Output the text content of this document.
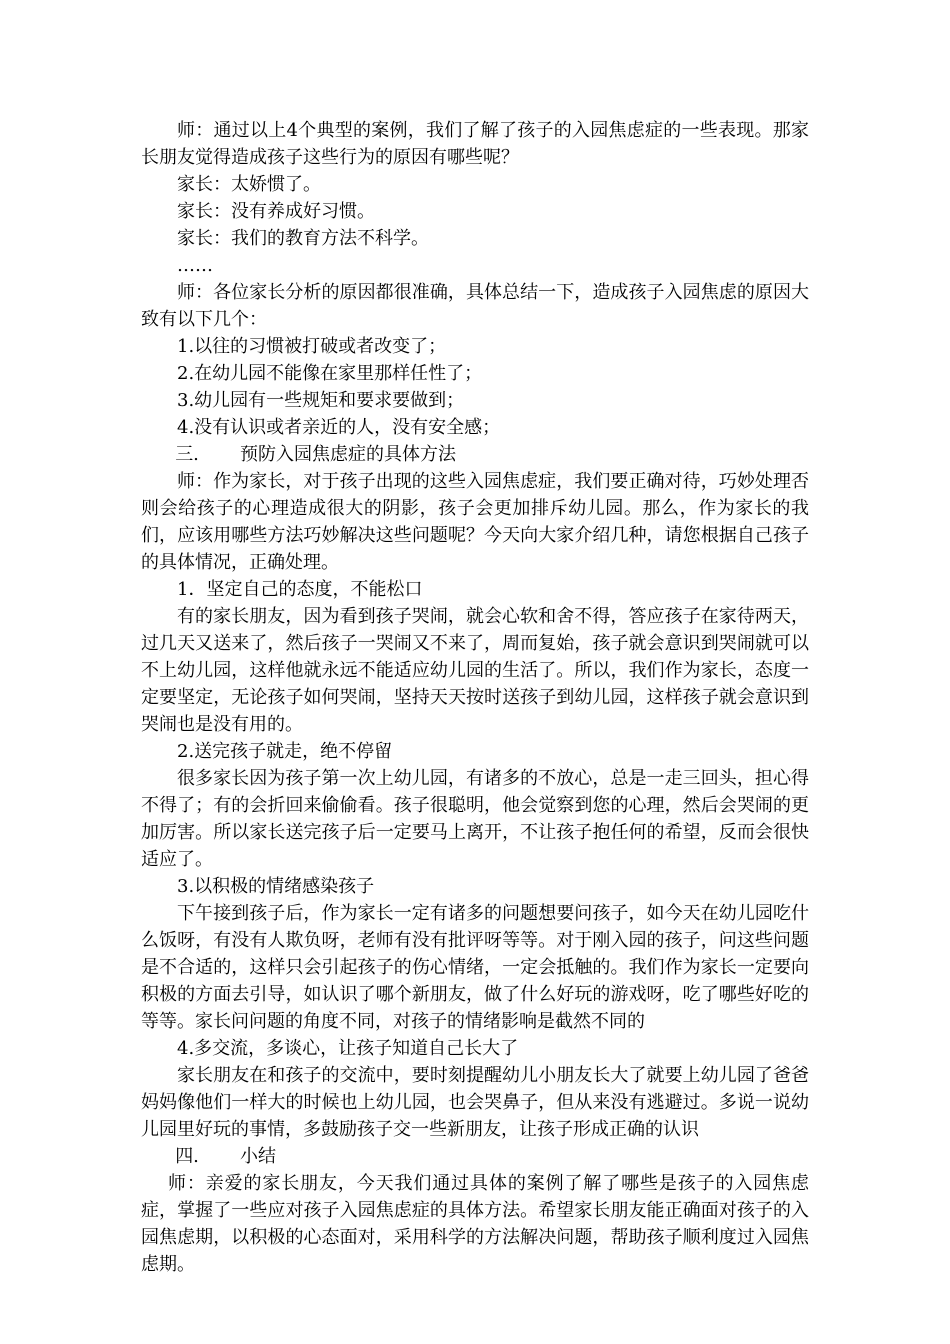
师：通过以上4个典型的案例，我们了解了孩子的入园焦虑症的一些表现。那家长朋友觉得造成孩子这些行为的原因有哪些呢？

家长：太娇惯了。

家长：没有养成好习惯。

家长：我们的教育方法不科学。

……

师：各位家长分析的原因都很准确，具体总结一下，造成孩子入园焦虑的原因大致有以下几个：

1.以往的习惯被打破或者改变了；

2.在幼儿园不能像在家里那样任性了；

3.幼儿园有一些规矩和要求要做到；

4.没有认识或者亲近的人，没有安全感；

三. 预防入园焦虑症的具体方法

师：作为家长，对于孩子出现的这些入园焦虑症，我们要正确对待，巧妙处理否则会给孩子的心理造成很大的阴影，孩子会更加排斥幼儿园。那么，作为家长的我们，应该用哪些方法巧妙解决这些问题呢？今天向大家介绍几种，请您根据自己孩子的具体情况，正确处理。

1．坚定自己的态度，不能松口

有的家长朋友，因为看到孩子哭闹，就会心软和舍不得，答应孩子在家待两天，过几天又送来了，然后孩子一哭闹又不来了，周而复始，孩子就会意识到哭闹就可以不上幼儿园，这样他就永远不能适应幼儿园的生活了。所以，我们作为家长，态度一定要坚定，无论孩子如何哭闹，坚持天天按时送孩子到幼儿园，这样孩子就会意识到哭闹也是没有用的。

2.送完孩子就走，绝不停留

很多家长因为孩子第一次上幼儿园，有诸多的不放心，总是一走三回头，担心得不得了；有的会折回来偷偷看。孩子很聪明，他会觉察到您的心理，然后会哭闹的更加厉害。所以家长送完孩子后一定要马上离开，不让孩子抱任何的希望，反而会很快适应了。

3.以积极的情绪感染孩子

下午接到孩子后，作为家长一定有诸多的问题想要问孩子，如今天在幼儿园吃什么饭呀，有没有人欺负呀，老师有没有批评呀等等。对于刚入园的孩子，问这些问题是不合适的，这样只会引起孩子的伤心情绪，一定会抵触的。我们作为家长一定要向积极的方面去引导，如认识了哪个新朋友，做了什么好玩的游戏呀，吃了哪些好吃的等等。家长问问题的角度不同，对孩子的情绪影响是截然不同的

4.多交流，多谈心，让孩子知道自己长大了

家长朋友在和孩子的交流中，要时刻提醒幼儿小朋友长大了就要上幼儿园了爸爸妈妈像他们一样大的时候也上幼儿园，也会哭鼻子，但从来没有逃避过。多说一说幼儿园里好玩的事情，多鼓励孩子交一些新朋友，让孩子形成正确的认识

四. 小结

师：亲爱的家长朋友，今天我们通过具体的案例了解了哪些是孩子的入园焦虑症，掌握了一些应对孩子入园焦虑症的具体方法。希望家长朋友能正确面对孩子的入园焦虑期，以积极的心态面对，采用科学的方法解决问题，帮助孩子顺利度过入园焦虑期。
